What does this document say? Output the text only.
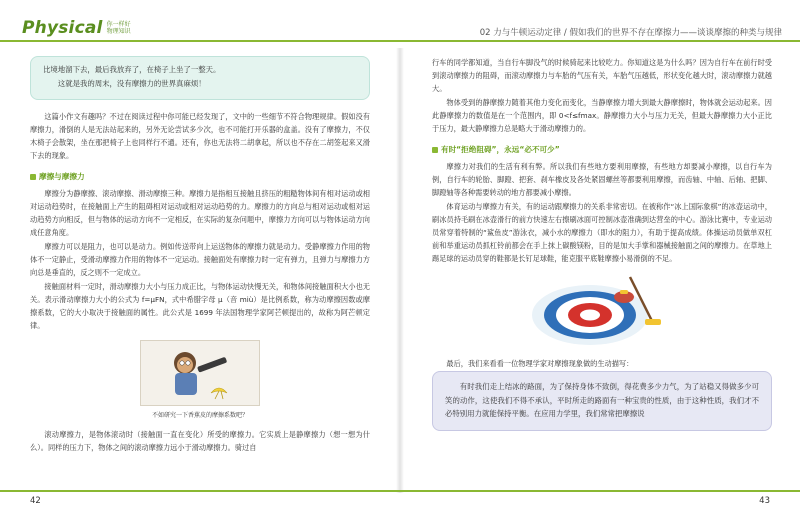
Physical 你一样好
物理知识	02 力与牛顿运动定律 / 假如我们的世界不存在摩擦力——谈谈摩擦的种类与规律
比境地溜下去，最后我放弃了，在椅子上坐了一整天。
这就是我的周末，没有摩擦力的世界真麻烦！

这篇小作文有趣吗？不过在阅读过程中你可能已经发现了，文中的一些细节不符合物理规律。假如没有摩擦力，滑倒的人是无法站起来的，另外无论尝试多少次，也不可能打开乐器的盒盖。没有了摩擦力，不仅木椅子会散架，坐在那把椅子上也同样行不通。还有，你也无法将二胡拿起，所以也不存在二胡签起来又滑下去的现象。

摩擦与摩擦力

摩擦分为静摩擦、滚动摩擦、滑动摩擦三种。摩擦力是指相互接触且挤压的粗糙物体间有相对运动或相对运动趋势时，在接触面上产生的阻碍相对运动或相对运动趋势的力。摩擦力的方向总与相对运动或相对运动趋势方向相反，但与物体的运动方向不一定相反，在实际的复杂问题中，摩擦力方向可以与物体运动方向成任意角度。

摩擦力可以是阻力，也可以是动力。例如传送带向上运送物体的摩擦力就是动力。受静摩擦力作用的物体不一定静止，受滑动摩擦力作用的物体不一定运动。接触面处有摩擦力时一定有弹力，且弹力与摩擦力方向总是垂直的，反之则不一定成立。

接触面材料一定时，滑动摩擦力大小与压力成正比，与物体运动快慢无关，和物体间接触面积大小也无关。表示滑动摩擦力大小的公式为 f=μFN，式中希腊字母 μ（音 miù）是比例系数，称为动摩擦因数或摩擦系数，它的大小取决于接触面的属性。此公式是 1699 年法国物理学家阿芒顿提出的，故称为阿芒顿定律。

不如研究一下香蕉皮的摩擦系数吧？

滚动摩擦力，是物体滚动时（接触面一直在变化）所受的摩擦力。它实质上是静摩擦力（想一想为什么）。同样的压力下，物体之间的滚动摩擦力远小于滑动摩擦力。骑过自

行车的同学都知道，当自行车脚没气的时候骑起来比较吃力。你知道这是为什么吗？因为自行车在前行时受到滚动摩擦力的阻碍，而滚动摩擦力与车胎的气压有关，车胎气压越低，形状变化越大时，滚动摩擦力就越大。

物体受到的静摩擦力随着其他力变化而变化，当静摩擦力增大到最大静摩擦时，物体就会运动起来。因此静摩擦力的数值是在一个范围内，即 0<f≤fmax。静摩擦力大小与压力无关，但最大静摩擦力大小正比于压力，最大静摩擦力总是略大于滑动摩擦力的。

有时“拒绝阻碍”，永远“必不可少”

摩擦力对我们的生活有利有弊。所以我们有些地方要利用摩擦，有些地方却要减小摩擦，以自行车为例，自行车的轮胎、脚蹬、把套、刹车橡皮及各处紧固螺丝等都要利用摩擦，而齿轴、中轴、后轴、把脚、脚蹬轴等各种需要转动的地方都要减小摩擦。

体育运动与摩擦力有关，有的运动跟摩擦力的关系非常密切。在被称作“冰上国际象棋”的冰壶运动中，刷冰员持毛刷在冰壶滑行的前方快速左右擦刷冰面可控制冰壶准确到达营垒的中心。游泳比赛中，专业运动员常穿着特制的“鲨鱼皮”游泳衣，减小水的摩擦力（即水的阻力），有助于提高成绩。体操运动员做单双杠前和举重运动员抓杠铃前都会在手上抹上碳酸镁粉，目的是加大手掌和器械接触面之间的摩擦力。在草地上踢足球的运动员穿的鞋都是长钉足球鞋，能克服平底鞋摩擦小易滑倒的不足。

最后，我们来看看一位物理学家对摩擦现象做的生动描写：

有时我们走上结冰的路面，为了保持身体不致倒，得花费多少力气，为了站稳又得做多少可笑的动作，这使我们不得不承认，平时所走的路面有一种宝贵的性质，由于这种性质，我们才不必特别用力就能保持平衡。在应用力学里，我们常常把摩擦说

42	43
